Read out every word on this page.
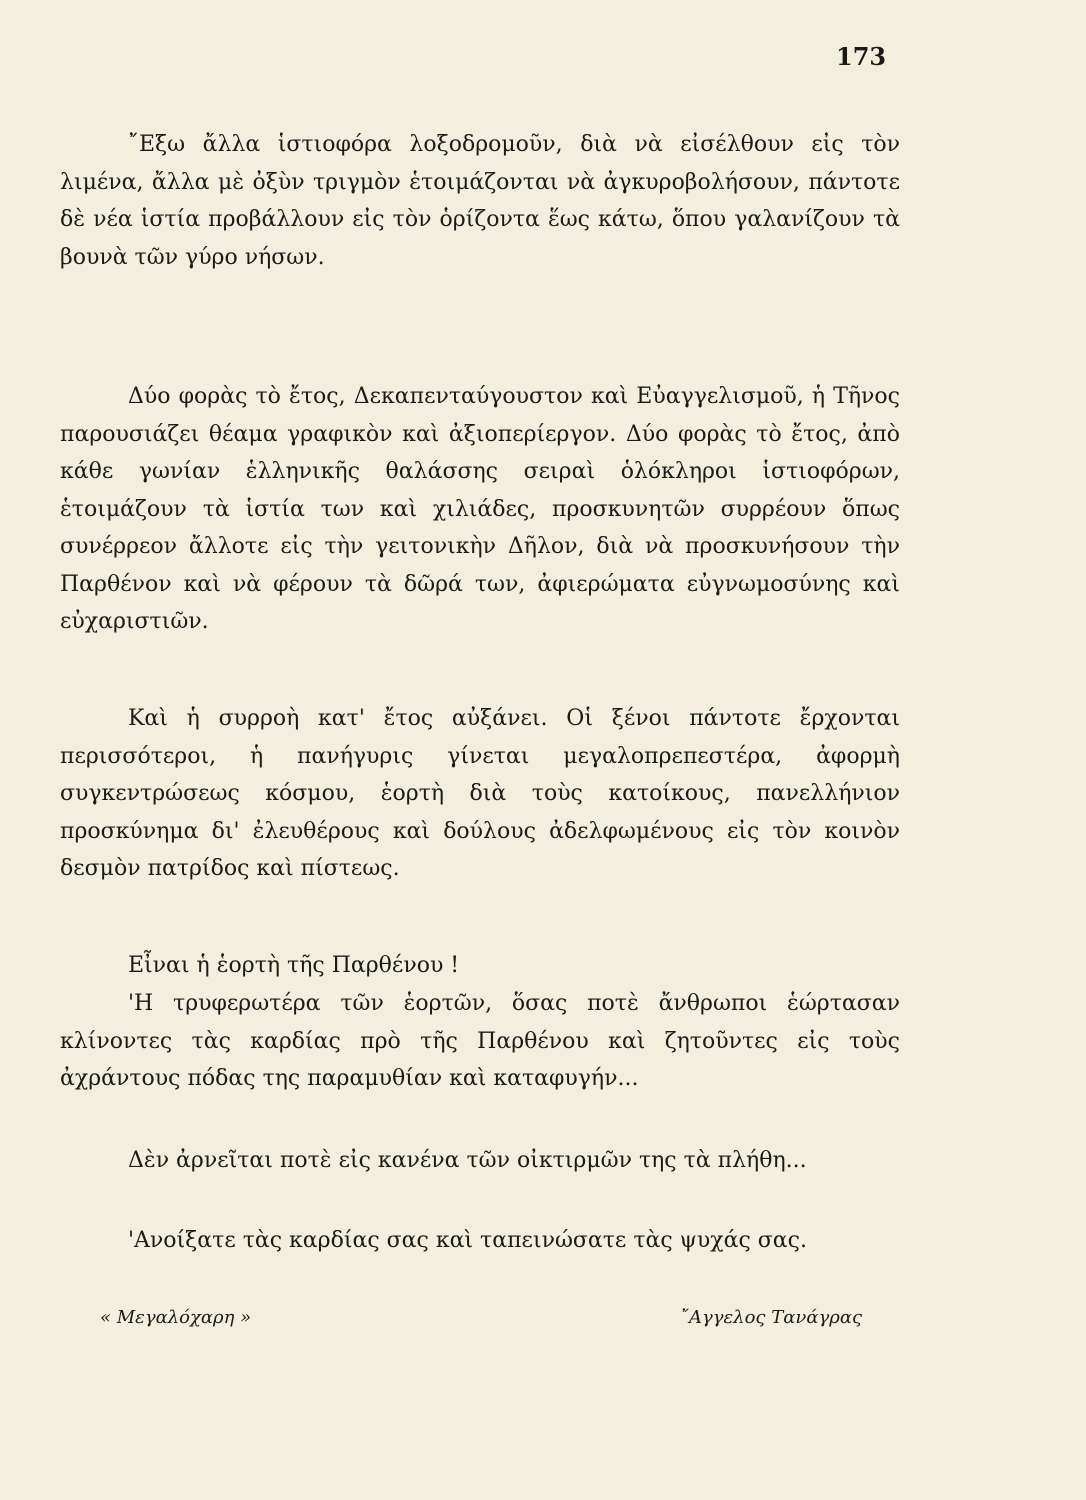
173

῎Εξω ἄλλα ἱστιοφόρα λοξοδρομοῦν, διὰ νὰ εἰσέλθουν εἰς τὸν λιμένα, ἄλλα μὲ ὀξὺν τριγμὸν ἑτοιμάζονται νὰ ἀγκυροβολήσουν, πάντοτε δὲ νέα ἱστία προβάλλουν εἰς τὸν ὁρίζοντα ἕως κάτω, ὅπου γαλανίζουν τὰ βουνὰ τῶν γύρο νήσων.

Δύο φορὰς τὸ ἔτος, Δεκαπενταύγουστον καὶ Εὐαγγελισμοῦ, ἡ Τῆνος παρουσιάζει θέαμα γραφικὸν καὶ ἀξιοπερίεργον. Δύο φορὰς τὸ ἔτος, ἀπὸ κάθε γωνίαν ἑλληνικῆς θαλάσσης σειραὶ ὁλόκληροι ἱστιοφόρων, ἑτοιμάζουν τὰ ἱστία των καὶ χιλιάδες, προσκυνητῶν συρρέουν ὅπως συνέρρεον ἄλλοτε εἰς τὴν γειτονικὴν Δῆλον, διὰ νὰ προσκυνήσουν τὴν Παρθένον καὶ νὰ φέρουν τὰ δῶρά των, ἀφιερώματα εὐγνωμοσύνης καὶ εὐχαριστιῶν.

Καὶ ἡ συρροὴ κατ' ἔτος αὐξάνει. Οἱ ξένοι πάντοτε ἔρχονται περισσότεροι, ἡ πανήγυρις γίνεται μεγαλοπρεπεστέρα, ἀφορμὴ συγκεντρώσεως κόσμου, ἑορτὴ διὰ τοὺς κατοίκους, πανελλήνιον προσκύνημα δι' ἐλευθέρους καὶ δούλους ἀδελφωμένους εἰς τὸν κοινὸν δεσμὸν πατρίδος καὶ πίστεως.

Εἶναι ἡ ἑορτὴ τῆς Παρθένου !

'Η τρυφερωτέρα τῶν ἑορτῶν, ὅσας ποτὲ ἄνθρωποι ἑώρτασαν κλίνοντες τὰς καρδίας πρὸ τῆς Παρθένου καὶ ζητοῦντες εἰς τοὺς ἀχράντους πόδας της παραμυθίαν καὶ καταφυγήν...

Δὲν ἀρνεῖται ποτὲ εἰς κανένα τῶν οἰκτιρμῶν της τὰ πλήθη...

'Ανοίξατε τὰς καρδίας σας καὶ ταπεινώσατε τὰς ψυχάς σας.

« Μεγαλόχαρη »	῎Αγγελος Τανάγρας
